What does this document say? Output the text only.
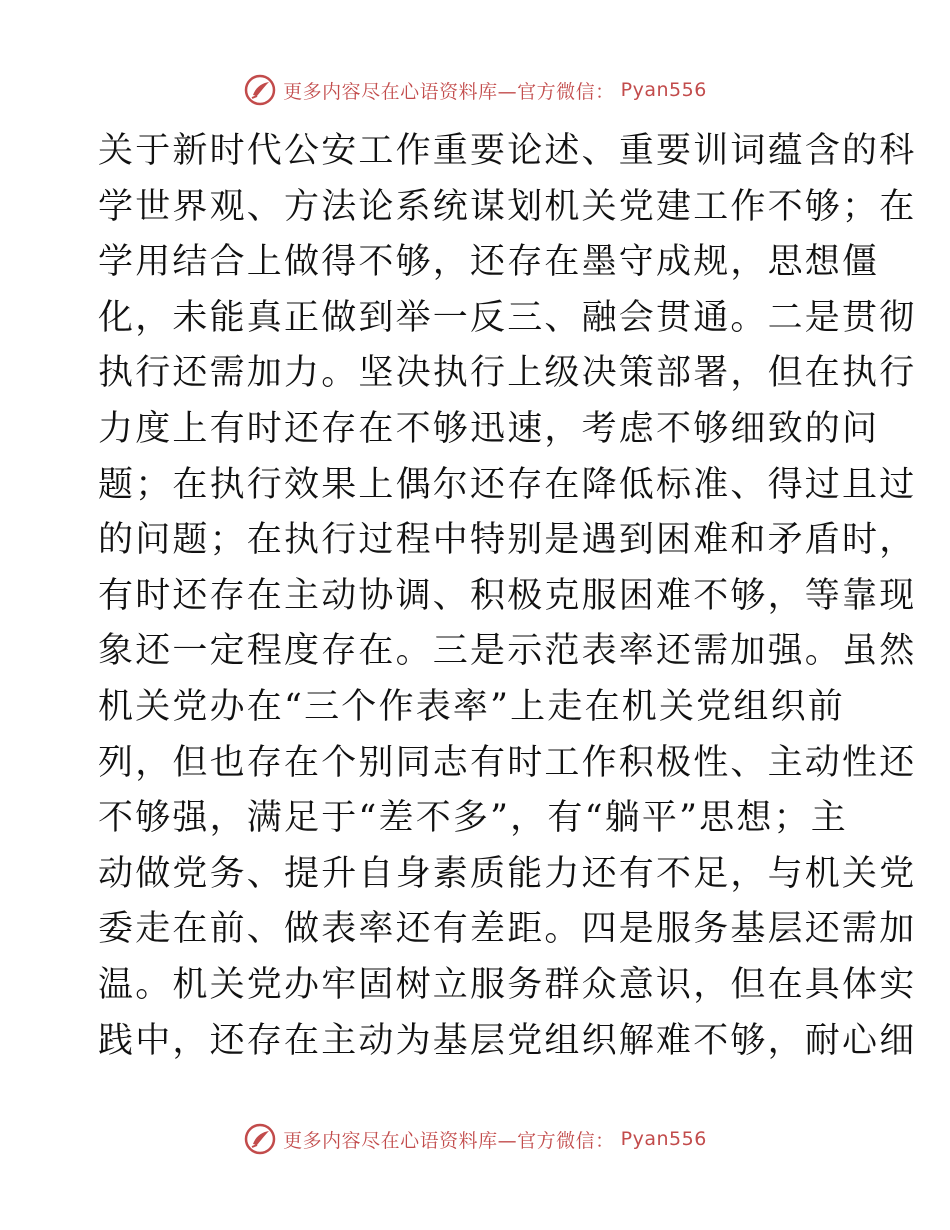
更多内容尽在心语资料库—官方微信： Pyan556
关于新时代公安工作重要论述、重要训词蕴含的科
学世界观、方法论系统谋划机关党建工作不够；在
学用结合上做得不够，还存在墨守成规，思想僵
化，未能真正做到举一反三、融会贯通。二是贯彻
执行还需加力。坚决执行上级决策部署，但在执行
力度上有时还存在不够迅速，考虑不够细致的问
题；在执行效果上偶尔还存在降低标准、得过且过
的问题；在执行过程中特别是遇到困难和矛盾时，
有时还存在主动协调、积极克服困难不够，等靠现
象还一定程度存在。三是示范表率还需加强。虽然
机关党办在“三个作表率”上走在机关党组织前
列，但也存在个别同志有时工作积极性、主动性还
不够强，满足于“差不多”，有“躺平”思想；主
动做党务、提升自身素质能力还有不足，与机关党
委走在前、做表率还有差距。四是服务基层还需加
温。机关党办牢固树立服务群众意识，但在具体实
践中，还存在主动为基层党组织解难不够，耐心细
更多内容尽在心语资料库—官方微信： Pyan556
